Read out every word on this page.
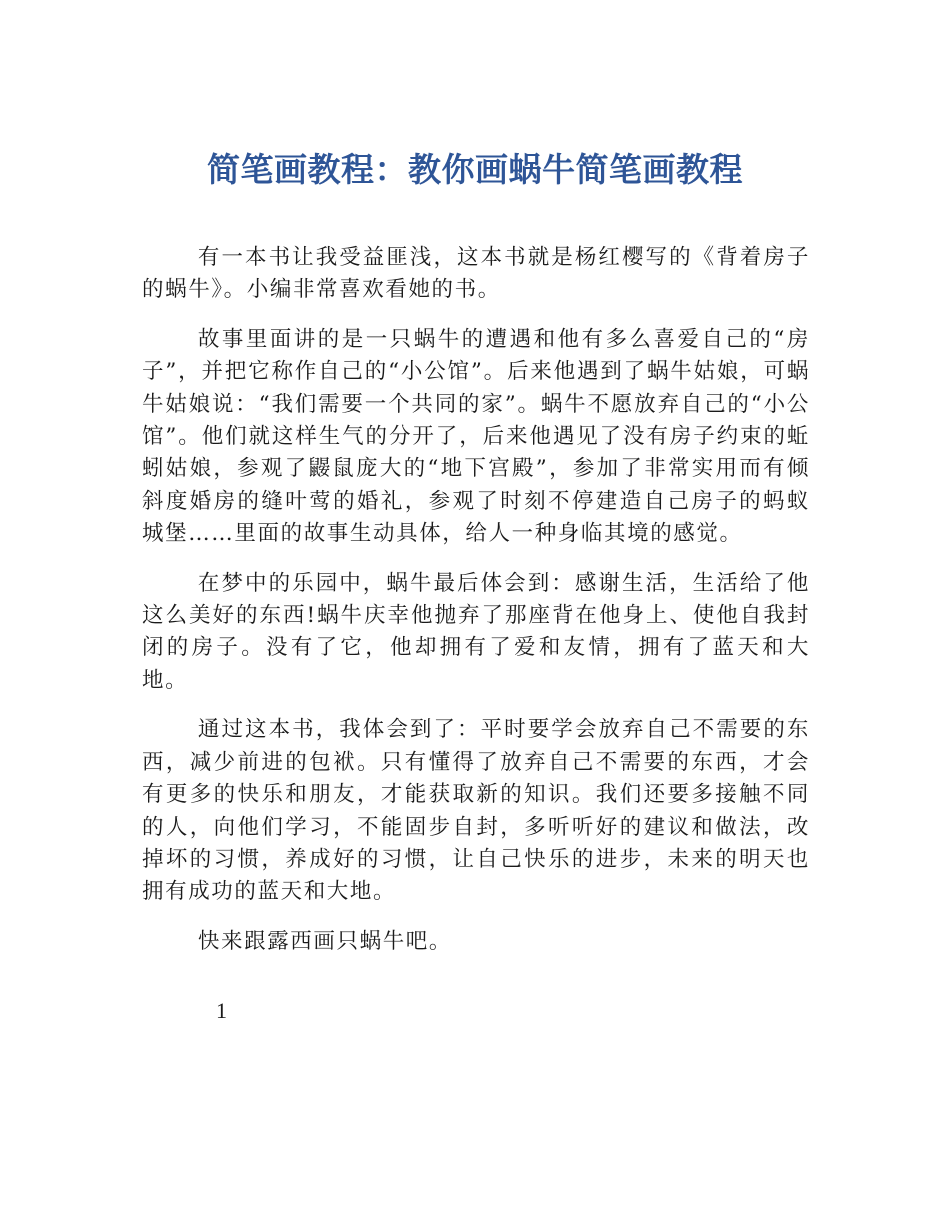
简笔画教程：教你画蜗牛简笔画教程

有一本书让我受益匪浅，这本书就是杨红樱写的《背着房子的蜗牛》。小编非常喜欢看她的书。

故事里面讲的是一只蜗牛的遭遇和他有多么喜爱自己的“房子”，并把它称作自己的“小公馆”。后来他遇到了蜗牛姑娘，可蜗牛姑娘说：“我们需要一个共同的家”。蜗牛不愿放弃自己的“小公馆”。他们就这样生气的分开了，后来他遇见了没有房子约束的蚯蚓姑娘，参观了鼹鼠庞大的“地下宫殿”，参加了非常实用而有倾斜度婚房的缝叶莺的婚礼，参观了时刻不停建造自己房子的蚂蚁城堡……里面的故事生动具体，给人一种身临其境的感觉。

在梦中的乐园中，蜗牛最后体会到：感谢生活，生活给了他这么美好的东西!蜗牛庆幸他抛弃了那座背在他身上、使他自我封闭的房子。没有了它，他却拥有了爱和友情，拥有了蓝天和大地。

通过这本书，我体会到了：平时要学会放弃自己不需要的东西，减少前进的包袱。只有懂得了放弃自己不需要的东西，才会有更多的快乐和朋友，才能获取新的知识。我们还要多接触不同的人，向他们学习，不能固步自封，多听听好的建议和做法，改掉坏的习惯，养成好的习惯，让自己快乐的进步，未来的明天也拥有成功的蓝天和大地。

快来跟露西画只蜗牛吧。

1
